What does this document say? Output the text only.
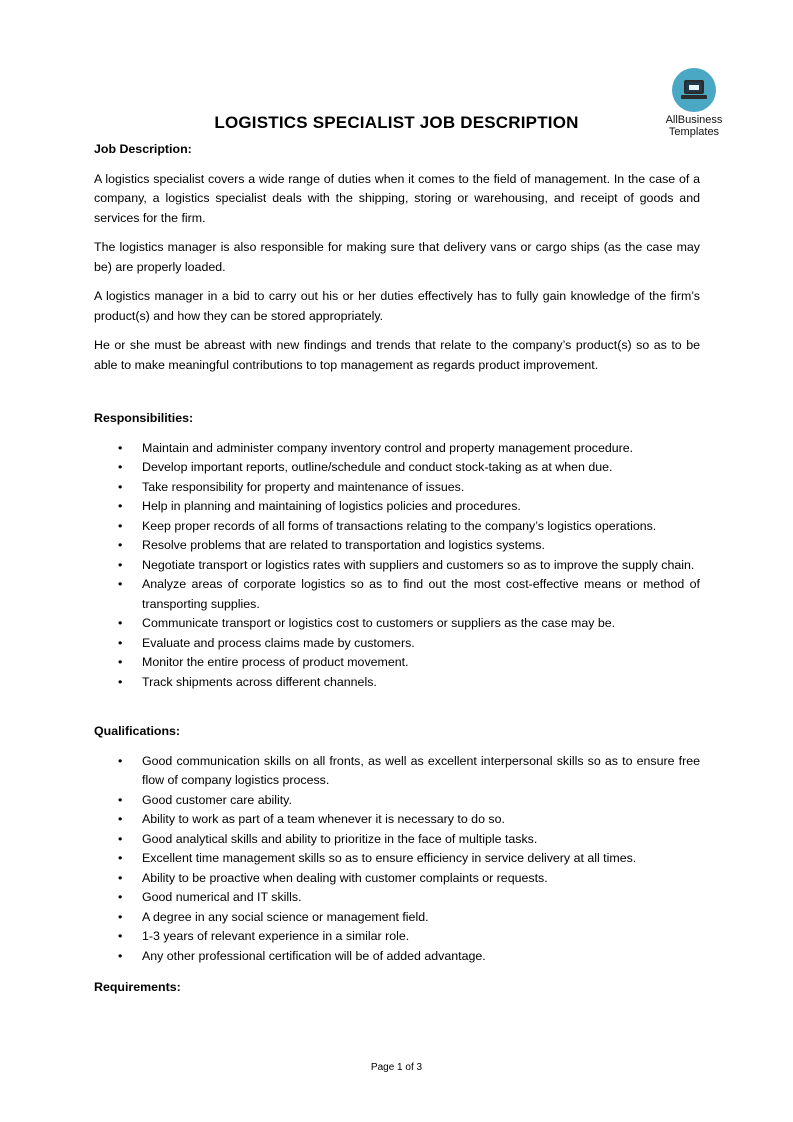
AllBusiness
Templates
LOGISTICS SPECIALIST JOB DESCRIPTION
Job Description:

A logistics specialist covers a wide range of duties when it comes to the field of management. In the case of a company, a logistics specialist deals with the shipping, storing or warehousing, and receipt of goods and services for the firm.

The logistics manager is also responsible for making sure that delivery vans or cargo ships (as the case may be) are properly loaded.

A logistics manager in a bid to carry out his or her duties effectively has to fully gain knowledge of the firm’s product(s) and how they can be stored appropriately.

He or she must be abreast with new findings and trends that relate to the company’s product(s) so as to be able to make meaningful contributions to top management as regards product improvement.

Responsibilities:
• Maintain and administer company inventory control and property management procedure.
• Develop important reports, outline/schedule and conduct stock-taking as at when due.
• Take responsibility for property and maintenance of issues.
• Help in planning and maintaining of logistics policies and procedures.
• Keep proper records of all forms of transactions relating to the company’s logistics operations.
• Resolve problems that are related to transportation and logistics systems.
• Negotiate transport or logistics rates with suppliers and customers so as to improve the supply chain.
• Analyze areas of corporate logistics so as to find out the most cost-effective means or method of transporting supplies.
• Communicate transport or logistics cost to customers or suppliers as the case may be.
• Evaluate and process claims made by customers.
• Monitor the entire process of product movement.
• Track shipments across different channels.
Qualifications:
• Good communication skills on all fronts, as well as excellent interpersonal skills so as to ensure free flow of company logistics process.
• Good customer care ability.
• Ability to work as part of a team whenever it is necessary to do so.
• Good analytical skills and ability to prioritize in the face of multiple tasks.
• Excellent time management skills so as to ensure efficiency in service delivery at all times.
• Ability to be proactive when dealing with customer complaints or requests.
• Good numerical and IT skills.
• A degree in any social science or management field.
• 1-3 years of relevant experience in a similar role.
• Any other professional certification will be of added advantage.
Requirements:
Page 1 of 3
